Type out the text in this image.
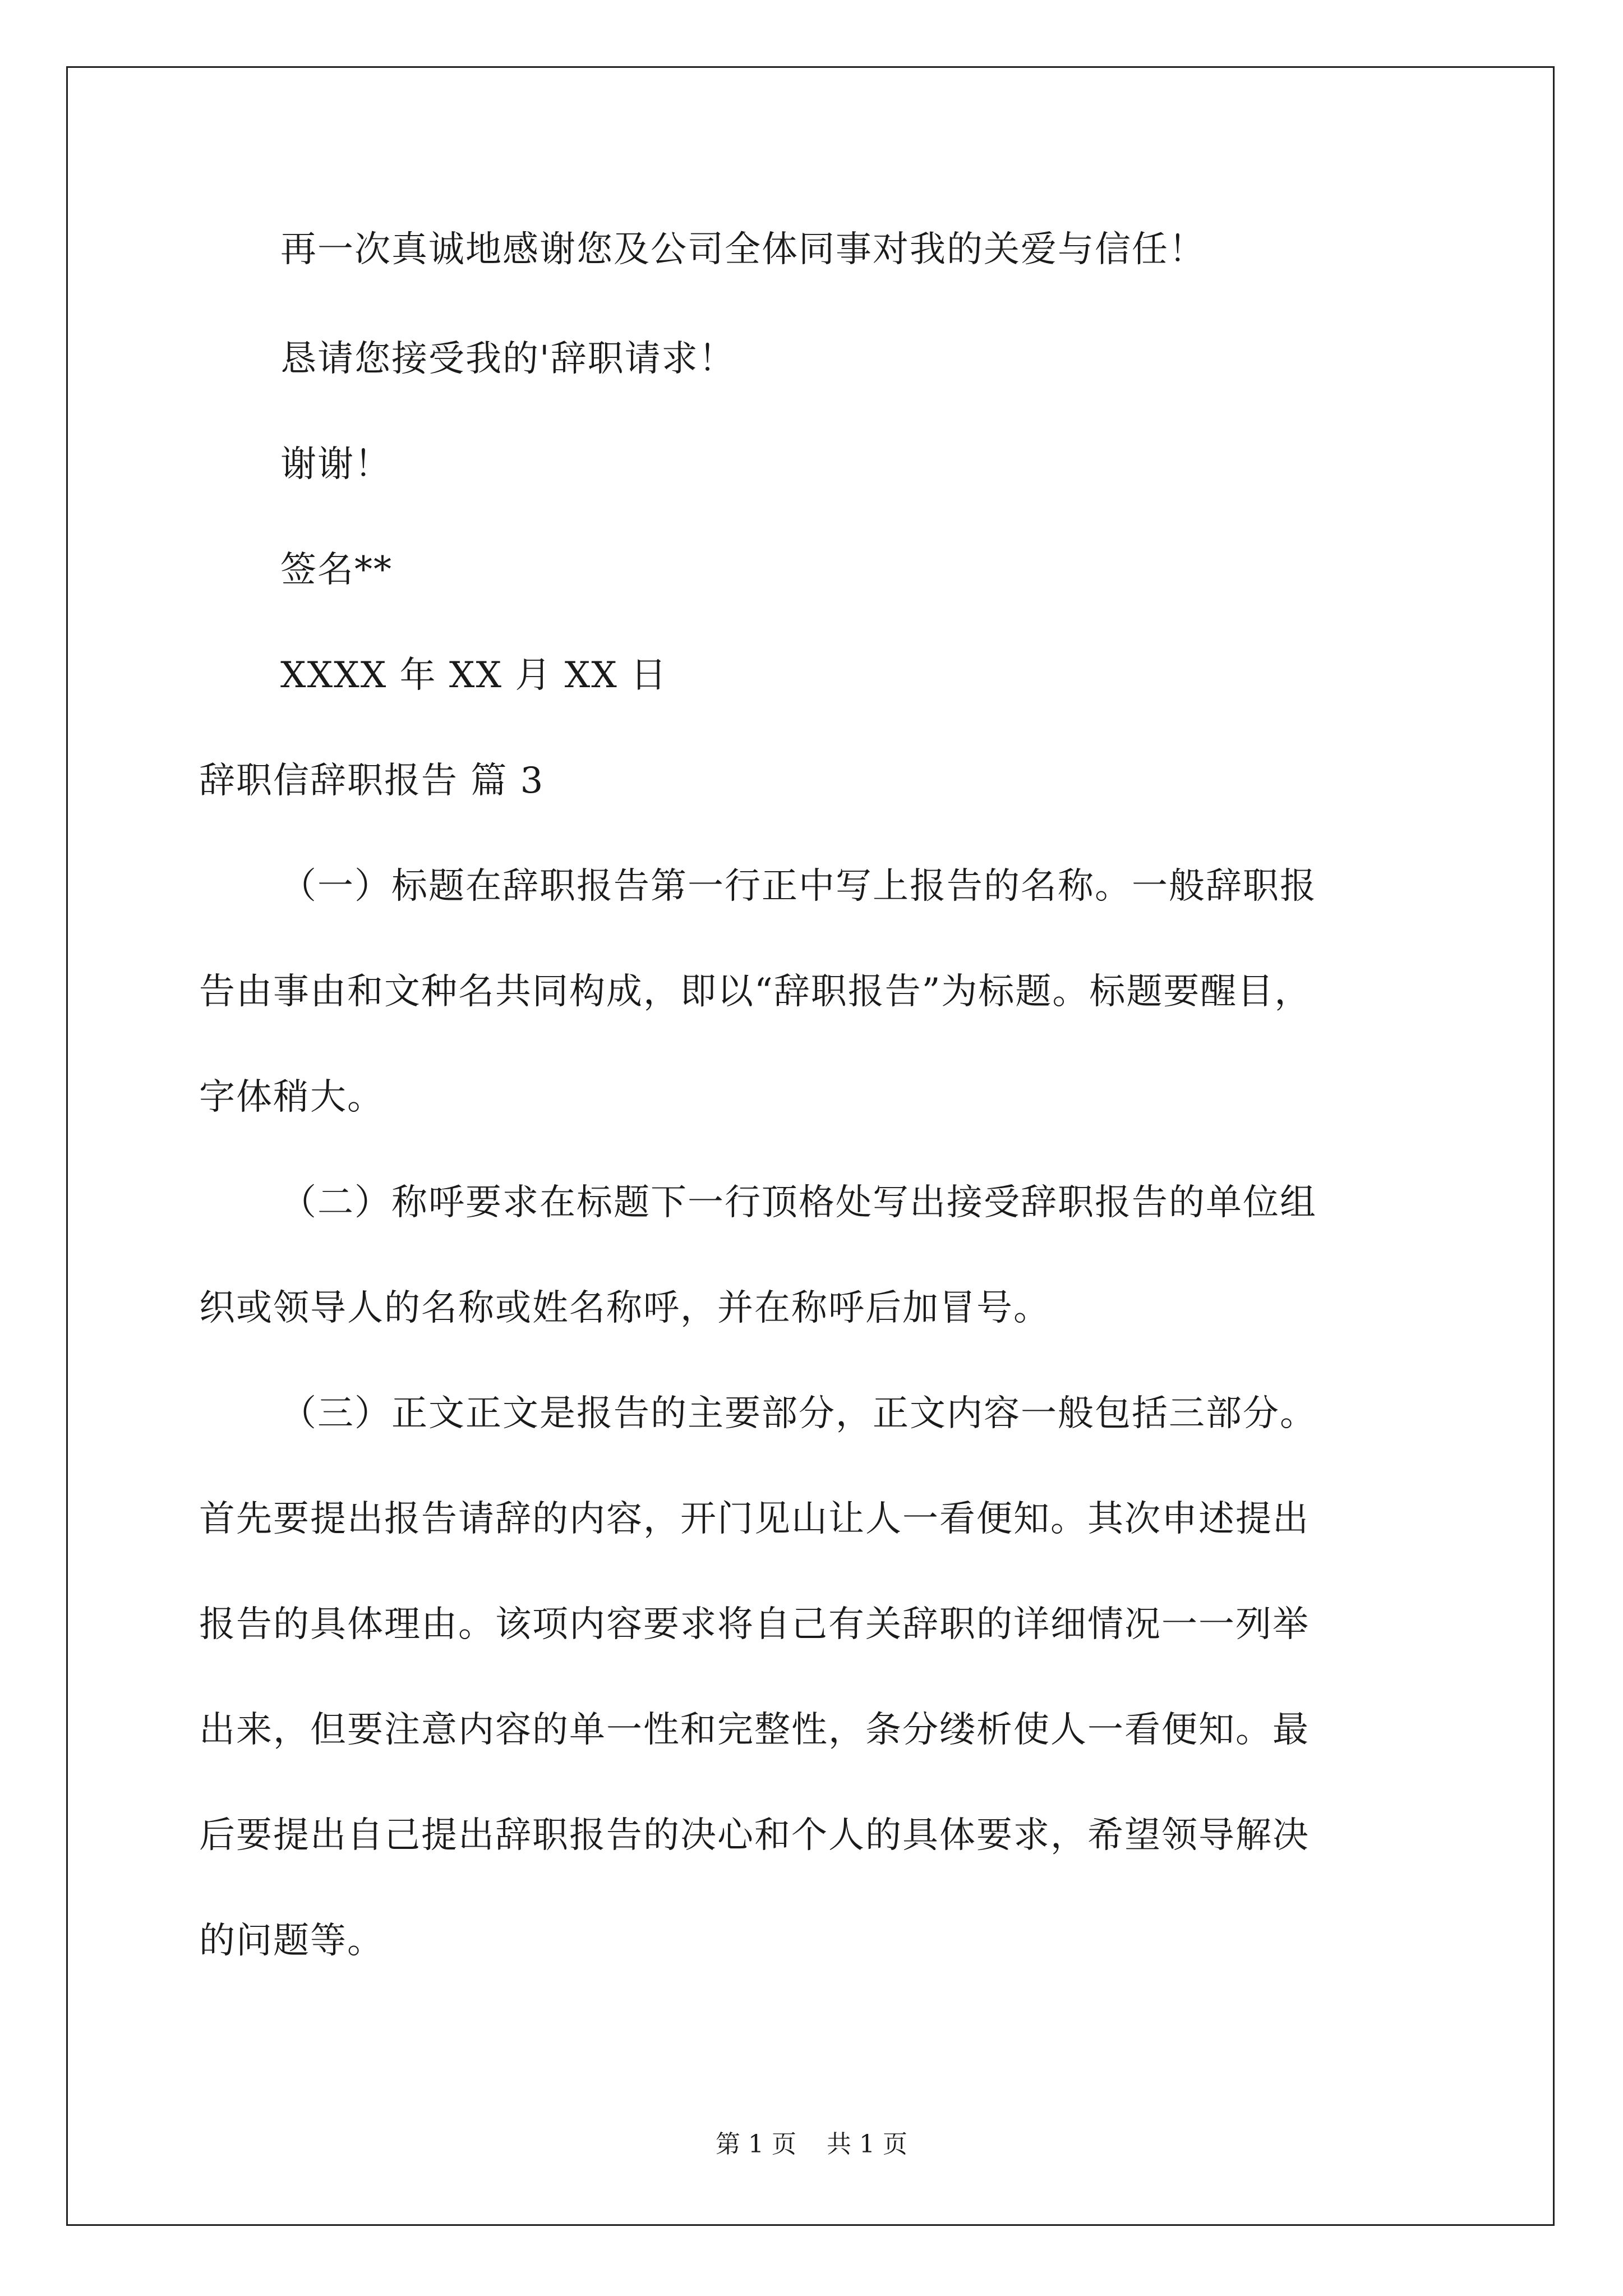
再一次真诚地感谢您及公司全体同事对我的关爱与信任！

恳请您接受我的'辞职请求！

谢谢！

签名**

XXXX 年 XX 月 XX 日

辞职信辞职报告 篇 3

（一）标题在辞职报告第一行正中写上报告的名称。一般辞职报

告由事由和文种名共同构成，即以“辞职报告”为标题。标题要醒目，

字体稍大。

（二）称呼要求在标题下一行顶格处写出接受辞职报告的单位组

织或领导人的名称或姓名称呼，并在称呼后加冒号。

（三）正文正文是报告的主要部分，正文内容一般包括三部分。

首先要提出报告请辞的内容，开门见山让人一看便知。其次申述提出

报告的具体理由。该项内容要求将自己有关辞职的详细情况一一列举

出来，但要注意内容的单一性和完整性，条分缕析使人一看便知。最

后要提出自己提出辞职报告的决心和个人的具体要求，希望领导解决

的问题等。

第 1 页 共 1 页
